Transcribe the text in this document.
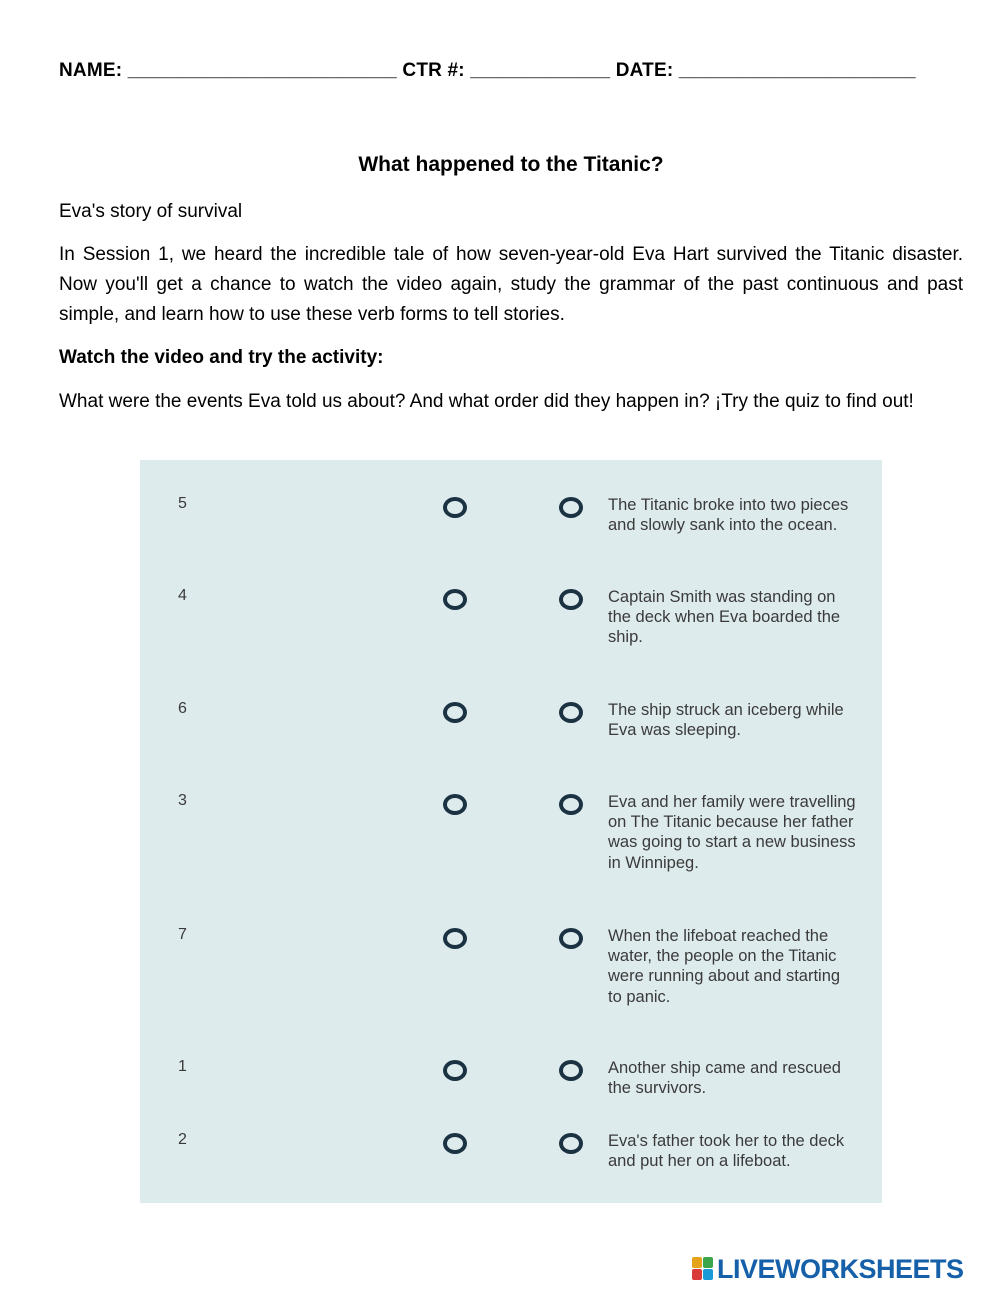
NAME: _________________________ CTR #: _____________ DATE: ______________________
What happened to the Titanic?
Eva's story of survival
In Session 1, we heard the incredible tale of how seven-year-old Eva Hart survived the Titanic disaster. Now you'll get a chance to watch the video again, study the grammar of the past continuous and past simple, and learn how to use these verb forms to tell stories.
Watch the video and try the activity:
What were the events Eva told us about? And what order did they happen in? ¡Try the quiz to find out!
5	The Titanic broke into two pieces and slowly sank into the ocean.
4	Captain Smith was standing on the deck when Eva boarded the ship.
6	The ship struck an iceberg while Eva was sleeping.
3	Eva and her family were travelling on The Titanic because her father was going to start a new business in Winnipeg.
7	When the lifeboat reached the water, the people on the Titanic were running about and starting to panic.
1	Another ship came and rescued the survivors.
2	Eva's father took her to the deck and put her on a lifeboat.
LIVEWORKSHEETS
